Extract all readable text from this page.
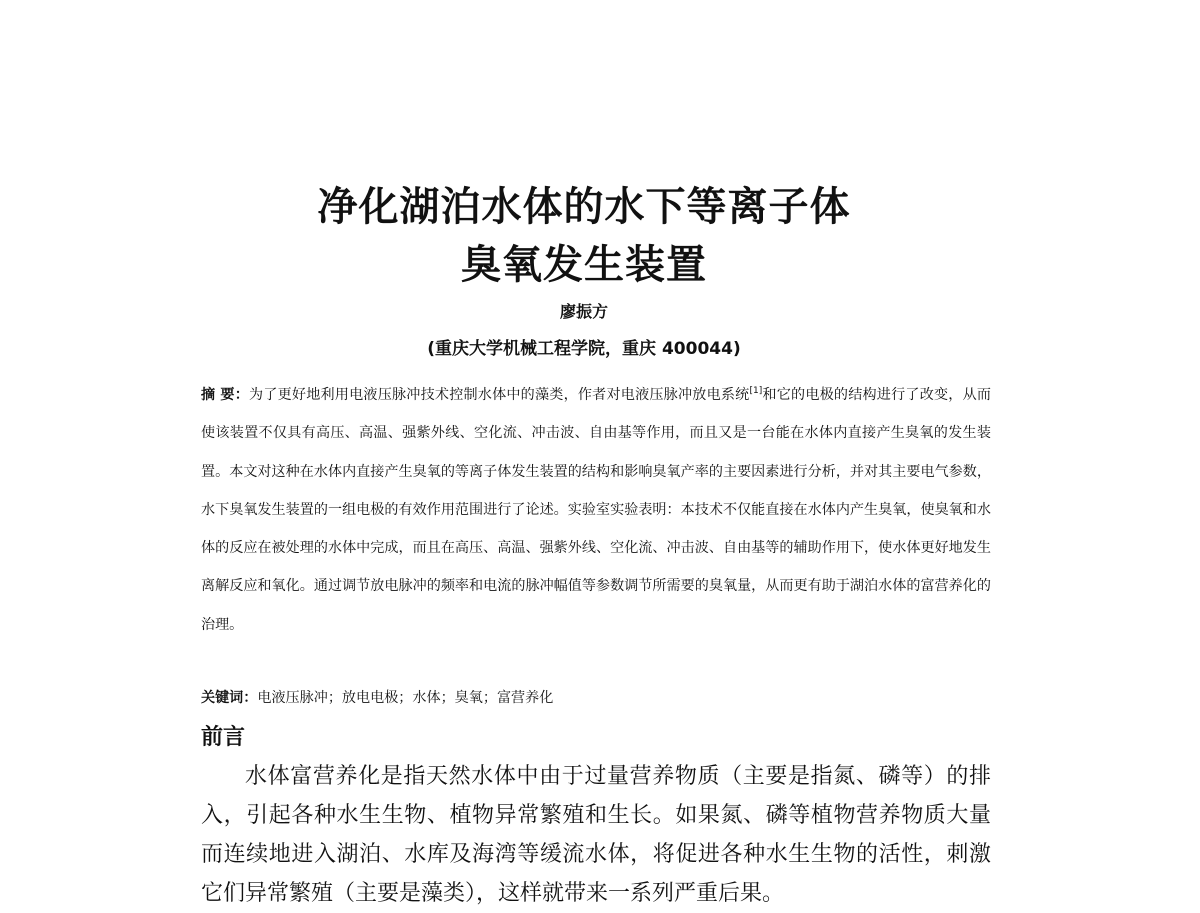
净化湖泊水体的水下等离子体
臭氧发生装置
廖振方
(重庆大学机械工程学院，重庆 400044)

摘 要：为了更好地利用电液压脉冲技术控制水体中的藻类，作者对电液压脉冲放电系统[1]和它的电极的结构进行了改变，从而使该装置不仅具有高压、高温、强紫外线、空化流、冲击波、自由基等作用，而且又是一台能在水体内直接产生臭氧的发生装置。本文对这种在水体内直接产生臭氧的等离子体发生装置的结构和影响臭氧产率的主要因素进行分析，并对其主要电气参数，水下臭氧发生装置的一组电极的有效作用范围进行了论述。实验室实验表明：本技术不仅能直接在水体内产生臭氧，使臭氧和水体的反应在被处理的水体中完成，而且在高压、高温、强紫外线、空化流、冲击波、自由基等的辅助作用下，使水体更好地发生离解反应和氧化。通过调节放电脉冲的频率和电流的脉冲幅值等参数调节所需要的臭氧量，从而更有助于湖泊水体的富营养化的治理。

关键词：电液压脉冲；放电电极；水体；臭氧；富营养化

前言

水体富营养化是指天然水体中由于过量营养物质（主要是指氮、磷等）的排入，引起各种水生生物、植物异常繁殖和生长。如果氮、磷等植物营养物质大量而连续地进入湖泊、水库及海湾等缓流水体，将促进各种水生生物的活性，刺激它们异常繁殖（主要是藻类），这样就带来一系列严重后果。
